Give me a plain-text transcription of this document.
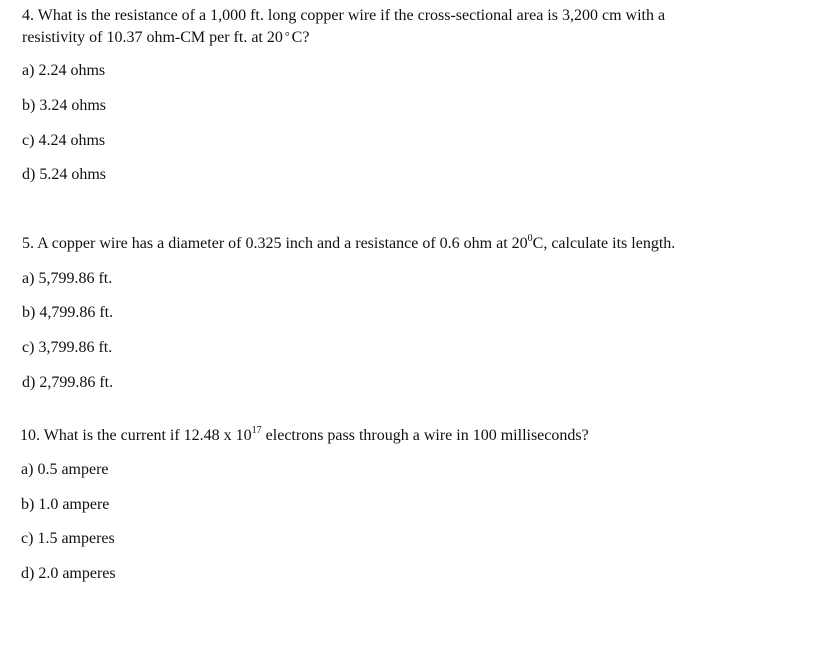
4. What is the resistance of a 1,000 ft. long copper wire if the cross-sectional area is 3,200 cm with a
resistivity of 10.37 ohm-CM per ft. at 20 ° C?
a) 2.24 ohms
b) 3.24 ohms
c) 4.24 ohms
d) 5.24 ohms
5. A copper wire has a diameter of 0.325 inch and a resistance of 0.6 ohm at $20^0C$, calculate its length.
a) 5,799.86 ft.
b) 4,799.86 ft.
c) 3,799.86 ft.
d) 2,799.86 ft.
10. What is the current if 12.48 x $10^{17}$ electrons pass through a wire in 100 milliseconds?
a) 0.5 ampere
b) 1.0 ampere
c) 1.5 amperes
d) 2.0 amperes
